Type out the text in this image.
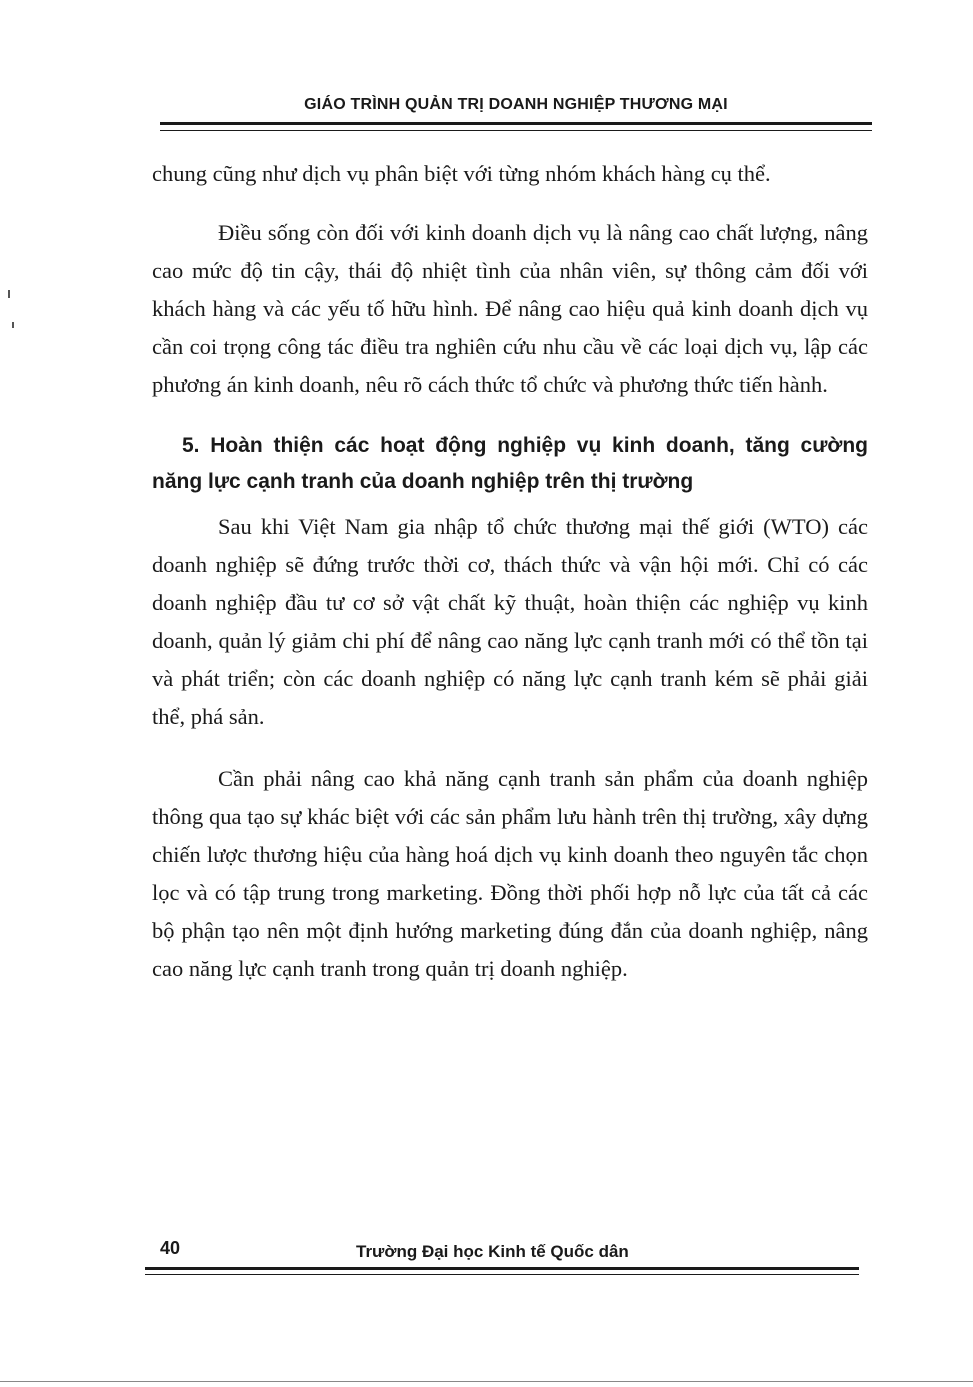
GIÁO TRÌNH QUẢN TRỊ DOANH NGHIỆP THƯƠNG MẠI

chung cũng như dịch vụ phân biệt với từng nhóm khách hàng cụ thể.

Điều sống còn đối với kinh doanh dịch vụ là nâng cao chất lượng, nâng cao mức độ tin cậy, thái độ nhiệt tình của nhân viên, sự thông cảm đối với khách hàng và các yếu tố hữu hình. Để nâng cao hiệu quả kinh doanh dịch vụ cần coi trọng công tác điều tra nghiên cứu nhu cầu về các loại dịch vụ, lập các phương án kinh doanh, nêu rõ cách thức tổ chức và phương thức tiến hành.

5. Hoàn thiện các hoạt động nghiệp vụ kinh doanh, tăng cường năng lực cạnh tranh của doanh nghiệp trên thị trường

Sau khi Việt Nam gia nhập tổ chức thương mại thế giới (WTO) các doanh nghiệp sẽ đứng trước thời cơ, thách thức và vận hội mới. Chỉ có các doanh nghiệp đầu tư cơ sở vật chất kỹ thuật, hoàn thiện các nghiệp vụ kinh doanh, quản lý giảm chi phí để nâng cao năng lực cạnh tranh mới có thể tồn tại và phát triển; còn các doanh nghiệp có năng lực cạnh tranh kém sẽ phải giải thể, phá sản.

Cần phải nâng cao khả năng cạnh tranh sản phẩm của doanh nghiệp thông qua tạo sự khác biệt với các sản phẩm lưu hành trên thị trường, xây dựng chiến lược thương hiệu của hàng hoá dịch vụ kinh doanh theo nguyên tắc chọn lọc và có tập trung trong marketing. Đồng thời phối hợp nỗ lực của tất cả các bộ phận tạo nên một định hướng marketing đúng đắn của doanh nghiệp, nâng cao năng lực cạnh tranh trong quản trị doanh nghiệp.

40	Trường Đại học Kinh tế Quốc dân
